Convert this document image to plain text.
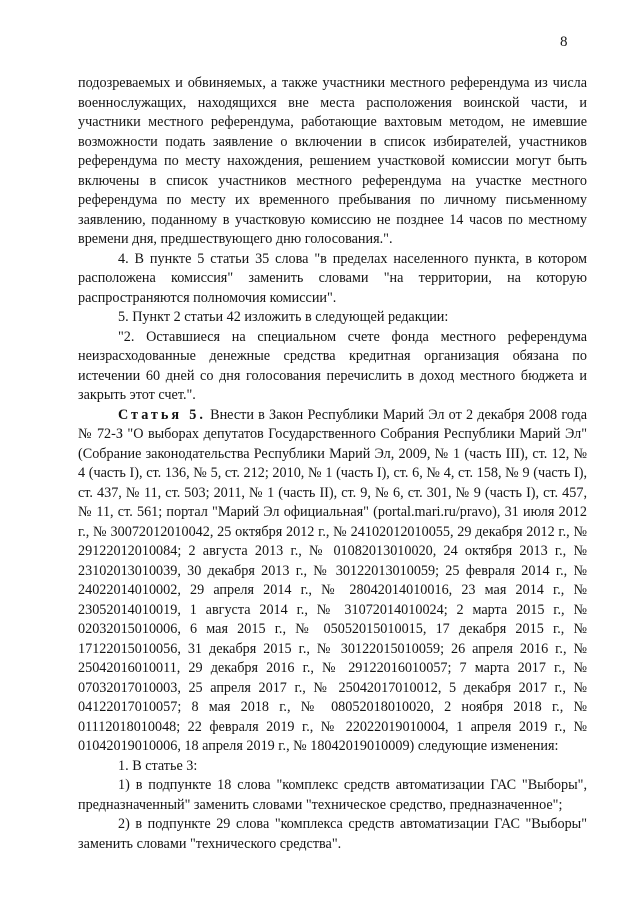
8

подозреваемых и обвиняемых, а также участники местного референдума из числа военнослужащих, находящихся вне места расположения воинской части, и участники местного референдума, работающие вахтовым методом, не имевшие возможности подать заявление о включении в список избирателей, участников референдума по месту нахождения, решением участковой комиссии могут быть включены в список участников местного референдума на участке местного референдума по месту их временного пребывания по личному письменному заявлению, поданному в участковую комиссию не позднее 14 часов по местному времени дня, предшествующего дню голосования.".

4. В пункте 5 статьи 35 слова "в пределах населенного пункта, в котором расположена комиссия" заменить словами "на территории, на которую распространяются полномочия комиссии".

5. Пункт 2 статьи 42 изложить в следующей редакции:

"2. Оставшиеся на специальном счете фонда местного референдума неизрасходованные денежные средства кредитная организация обязана по истечении 60 дней со дня голосования перечислить в доход местного бюджета и закрыть этот счет.".

Статья 5. Внести в Закон Республики Марий Эл от 2 декабря 2008 года № 72-З "О выборах депутатов Государственного Собрания Республики Марий Эл" (Собрание законодательства Республики Марий Эл, 2009, № 1 (часть III), ст. 12, № 4 (часть I), ст. 136, № 5, ст. 212; 2010, № 1 (часть I), ст. 6, № 4, ст. 158, № 9 (часть I), ст. 437, № 11, ст. 503; 2011, № 1 (часть II), ст. 9, № 6, ст. 301, № 9 (часть I), ст. 457, № 11, ст. 561; портал "Марий Эл официальная" (portal.mari.ru/pravo), 31 июля 2012 г., № 30072012010042, 25 октября 2012 г., № 24102012010055, 29 декабря 2012 г., № 29122012010084; 2 августа 2013 г., № 01082013010020, 24 октября 2013 г., № 23102013010039, 30 декабря 2013 г., № 30122013010059; 25 февраля 2014 г., № 24022014010002, 29 апреля 2014 г., № 28042014010016, 23 мая 2014 г., № 23052014010019, 1 августа 2014 г., № 31072014010024; 2 марта 2015 г., № 02032015010006, 6 мая 2015 г., № 05052015010015, 17 декабря 2015 г., № 17122015010056, 31 декабря 2015 г., № 30122015010059; 26 апреля 2016 г., № 25042016010011, 29 декабря 2016 г., № 29122016010057; 7 марта 2017 г., № 07032017010003, 25 апреля 2017 г., № 25042017010012, 5 декабря 2017 г., № 04122017010057; 8 мая 2018 г., № 08052018010020, 2 ноября 2018 г., № 01112018010048; 22 февраля 2019 г., № 22022019010004, 1 апреля 2019 г., № 01042019010006, 18 апреля 2019 г., № 18042019010009) следующие изменения:

1. В статье 3:

1) в подпункте 18 слова "комплекс средств автоматизации ГАС "Выборы", предназначенный" заменить словами "техническое средство, предназначенное";

2) в подпункте 29 слова "комплекса средств автоматизации ГАС "Выборы" заменить словами "технического средства".
